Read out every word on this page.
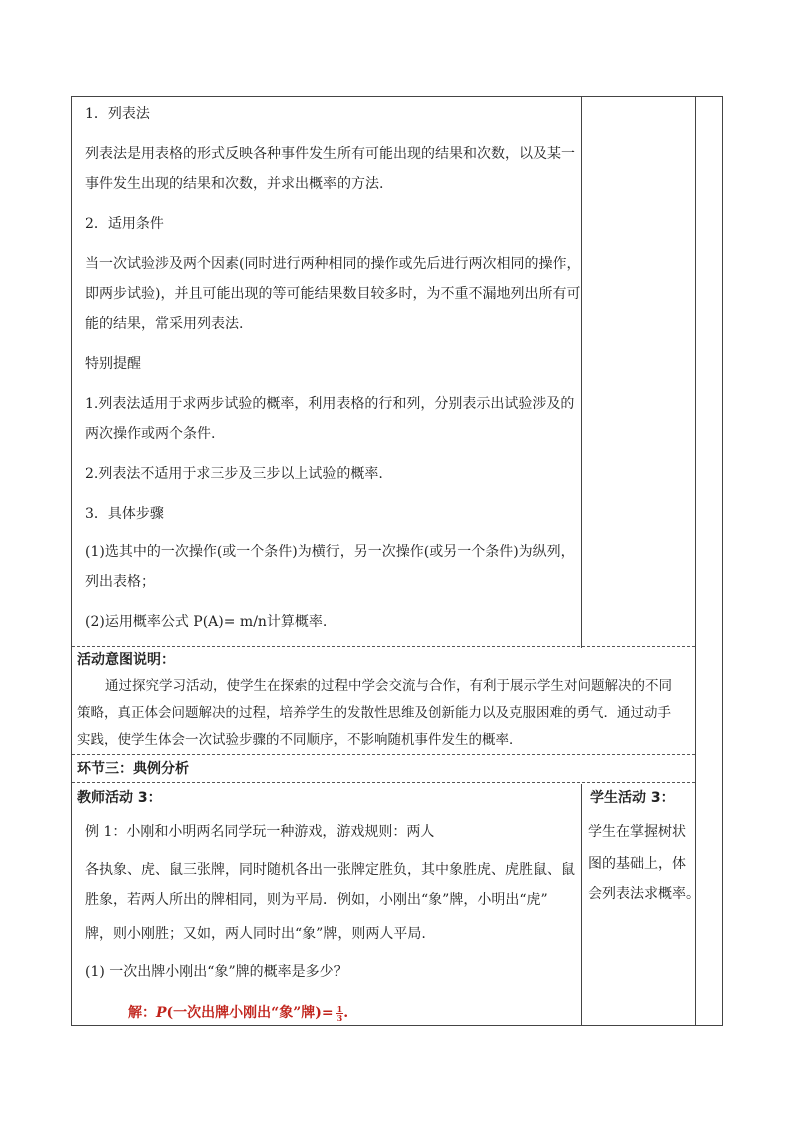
1．列表法
列表法是用表格的形式反映各种事件发生所有可能出现的结果和次数，以及某一
事件发生出现的结果和次数，并求出概率的方法.
2．适用条件
当一次试验涉及两个因素(同时进行两种相同的操作或先后进行两次相同的操作，
即两步试验)，并且可能出现的等可能结果数目较多时，为不重不漏地列出所有可
能的结果，常采用列表法.
特别提醒
1.列表法适用于求两步试验的概率，利用表格的行和列，分别表示出试验涉及的
两次操作或两个条件.
2.列表法不适用于求三步及三步以上试验的概率.
3．具体步骤
(1)选其中的一次操作(或一个条件)为横行，另一次操作(或另一个条件)为纵列，
列出表格；
(2)运用概率公式 P(A)= m/n计算概率.
活动意图说明：
通过探究学习活动，使学生在探索的过程中学会交流与合作，有利于展示学生对问题解决的不同
策略，真正体会问题解决的过程，培养学生的发散性思维及创新能力以及克服困难的勇气．通过动手
实践，使学生体会一次试验步骤的不同顺序，不影响随机事件发生的概率．
环节三：典例分析
教师活动 3：
例 1：小刚和小明两名同学玩一种游戏，游戏规则：两人
各执象、虎、鼠三张牌，同时随机各出一张牌定胜负，其中象胜虎、虎胜鼠、鼠
胜象，若两人所出的牌相同，则为平局．例如，小刚出“象”牌，小明出“虎”
牌，则小刚胜；又如，两人同时出“象”牌，则两人平局.
(1) 一次出牌小刚出“象”牌的概率是多少？
解：P(一次出牌小刚出“象”牌)= $\frac{1}{3}$ .
学生活动 3：
学生在掌握树状
图的基础上，体
会列表法求概率。
